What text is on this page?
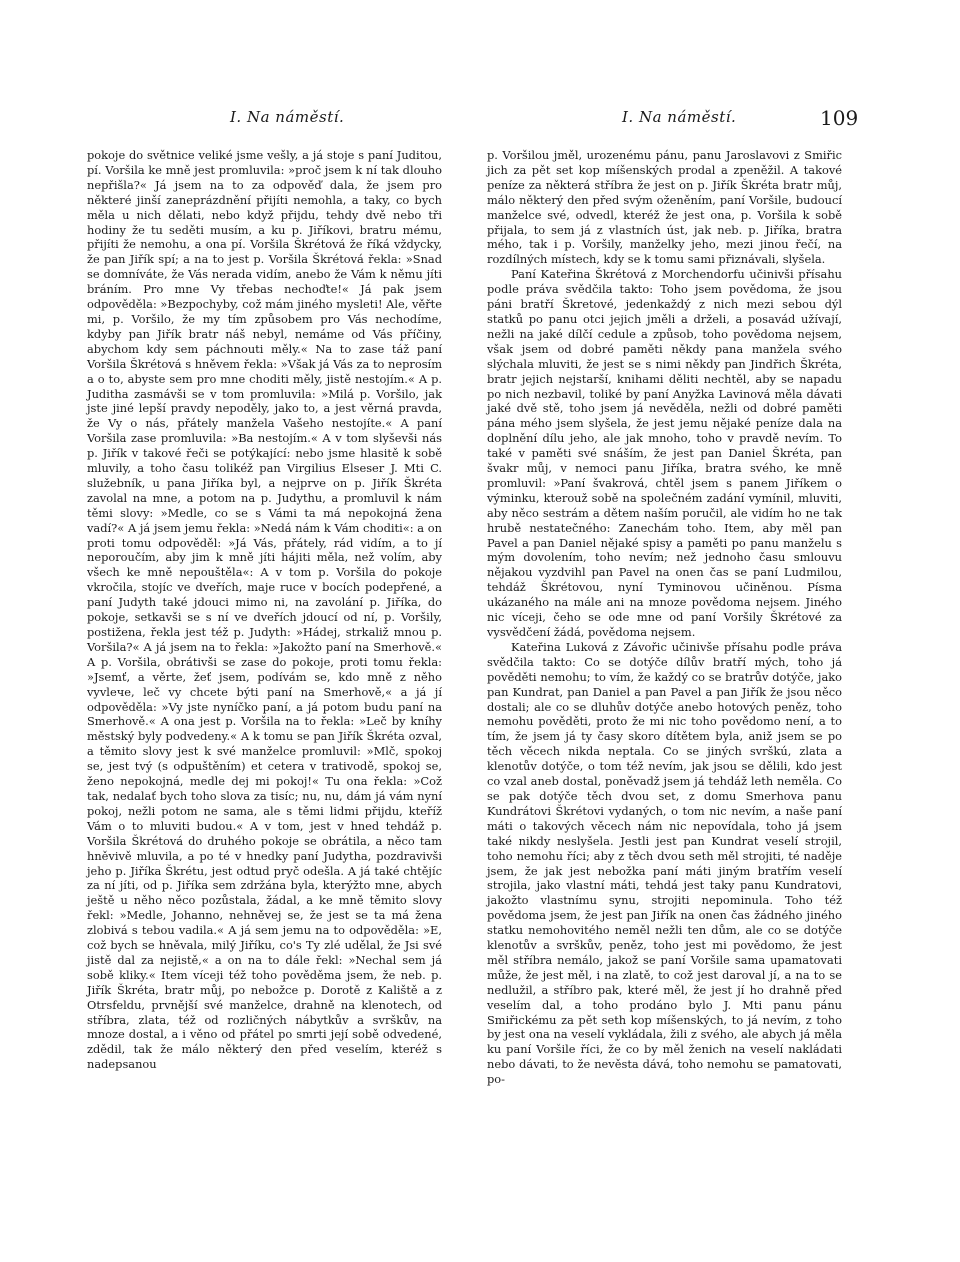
I. Na náměstí.	I. Na náměstí.	109

pokoje do světnice veliké jsme vešly, a já stoje s paní Juditou, pí. Voršila ke mně jest promluvila: »proč jsem k ní tak dlouho nepřišla?« Já jsem na to za odpověď dala, že jsem pro některé jinší zaneprázdnění přijíti nemohla, a taky, co bych měla u nich dělati, nebo když přijdu, tehdy dvě nebo tři hodiny že tu seděti musím, a ku p. Jiříkovi, bratru mému, přijíti že nemohu, a ona pí. Voršila Škrétová že říká vždycky, že pan Jiřík spí; a na to jest p. Voršila Škrétová řekla: »Snad se domníváte, že Vás nerada vidím, anebo že Vám k němu jíti bráním. Pro mne Vy třebas nechoďte!« Já pak jsem odpověděla: »Bezpochyby, což mám jiného mysleti! Ale, věřte mi, p. Voršilo, že my tím způsobem pro Vás nechodíme, kdyby pan Jiřík bratr náš nebyl, nemáme od Vás příčiny, abychom kdy sem páchnouti měly.« Na to zase táž paní Voršila Škrétová s hněvem řekla: »Však já Vás za to neprosím a o to, abyste sem pro mne choditi měly, jistě nestojím.« A p. Juditha zasmávši se v tom promluvila: »Milá p. Voršilo, jak jste jiné lepší pravdy nepoděly, jako to, a jest věrná pravda, že Vy o nás, přátely manžela Vašeho nestojíte.« A paní Voršila zase promluvila: »Ba nestojím.« A v tom slyševši nás p. Jiřík v takové řeči se potýkající: nebo jsme hlasitě k sobě mluvily, a toho času tolikéž pan Virgilius Elseser J. Mti C. služebník, u pana Jiříka byl, a nejprve on p. Jiřík Škréta zavolal na mne, a potom na p. Judythu, a promluvil k nám těmi slovy: »Medle, co se s Vámi ta má nepokojná žena vadí?« A já jsem jemu řekla: »Nedá nám k Vám choditi«: a on proti tomu odpověděl: »Já Vás, přátely, rád vidím, a to jí neporoučím, aby jim k mně jíti hájiti měla, než volím, aby všech ke mně nepouštěla«: A v tom p. Voršila do pokoje vkročila, stojíc ve dveřích, maje ruce v bocích podepřené, a paní Judyth také jdouci mimo ni, na zavolání p. Jiříka, do pokoje, setkavši se s ní ve dveřích jdoucí od ní, p. Voršily, postižena, řekla jest též p. Judyth: »Hádej, strkaliž mnou p. Voršila?« A já jsem na to řekla: »Jakožto paní na Smerhově.« A p. Voršila, obrátivši se zase do pokoje, proti tomu řekla: »Jsemť, a věrte, žeť jsem, podívám se, kdo mně z něho vyvlече, leč vy chcete býti paní na Smerhově,« a já jí odpověděla: »Vy jste nyníčko paní, a já potom budu paní na Smerhově.« A ona jest p. Voršila na to řekla: »Leč by kníhy městský byly podvedeny.« A k tomu se pan Jiřík Škréta ozval, a těmito slovy jest k své manželce promluvil: »Mlč, spokoj se, jest tvý (s odpuštěním) et cetera v trativodě, spokoj se, ženo nepokojná, medle dej mi pokoj!« Tu ona řekla: »Což tak, nedalať bych toho slova za tisíc; nu, nu, dám já vám nyní pokoj, nežli potom ne sama, ale s těmi lidmi přijdu, kteříž Vám o to mluviti budou.« A v tom, jest v hned tehdáž p. Voršila Škrétová do druhého pokoje se obrátila, a něco tam hněvivě mluvila, a po té v hnedky paní Judytha, pozdravivši jeho p. Jiříka Škrétu, jest odtud pryč odešla. A já také chtějíc za ní jíti, od p. Jiříka sem zdržána byla, kterýžto mne, abych ještě u něho něco pozůstala, žádal, a ke mně těmito slovy řekl: »Medle, Johanno, nehněvej se, že jest se ta má žena zlobivá s tebou vadila.« A já sem jemu na to odpověděla: »E, což bych se hněvala, milý Jiříku, co's Ty zlé udělal, že Jsi své jistě dal za nejistě,« a on na to dále řekl: »Nechal sem já sobě kliky.« Item víceji též toho pověděma jsem, že neb. p. Jiřík Škréta, bratr můj, po nebožce p. Dorotě z Kaliště a z Otrsfeldu, prvnější své manželce, drahně na klenotech, od stříbra, zlata, též od rozličných nábytkův a svrškův, na mnoze dostal, a i věno od přátel po smrti její sobě odvedené, zdědil, tak že málo některý den před veselím, kteréž s nadepsanou

p. Voršilou jměl, urozenému pánu, panu Jaroslavovi z Smiřic jich za pět set kop míšenských prodal a zpeněžil. A takové peníze za některá stříbra že jest on p. Jiřík Škréta bratr můj, málo některý den před svým oženěním, paní Voršile, budoucí manželce své, odvedl, kteréž že jest ona, p. Voršila k sobě přijala, to sem já z vlastních úst, jak neb. p. Jiříka, bratra mého, tak i p. Voršily, manželky jeho, mezi jinou řečí, na rozdílných místech, kdy se k tomu sami přiznávali, slyšela.

Paní Kateřina Škrétová z Morchendorfu učinivši přísahu podle práva svědčila takto: Toho jsem povědoma, že jsou páni bratří Škretové, jedenkaždý z nich mezi sebou dýl statků po panu otci jejich jměli a drželi, a posavád užívají, nežli na jaké dílčí cedule a způsob, toho povědoma nejsem, však jsem od dobré paměti někdy pana manžela svého slýchala mluviti, že jest se s nimi někdy pan Jindřich Škréta, bratr jejich nejstarší, knihami děliti nechtěl, aby se napadu po nich nezbavil, toliké by paní Anyžka Lavinová měla dávati jaké dvě stě, toho jsem já nevěděla, nežli od dobré paměti pána mého jsem slyšela, že jest jemu nějaké peníze dala na doplnění dílu jeho, ale jak mnoho, toho v pravdě nevím. To také v paměti své snáším, že jest pan Daniel Škréta, pan švakr můj, v nemoci panu Jiříka, bratra svého, ke mně promluvil: »Paní švakrová, chtěl jsem s panem Jiříkem o výminku, kterouž sobě na společném zadání vymínil, mluviti, aby něco sestrám a dětem naším poručil, ale vidím ho ne tak hrubě nestatečného: Zanechám toho. Item, aby měl pan Pavel a pan Daniel nějaké spisy a paměti po panu manželu s mým dovolením, toho nevím; než jednoho času smlouvu nějakou vyzdvihl pan Pavel na onen čas se paní Ludmilou, tehdáž Škrétovou, nyní Tyminovou učiněnou. Písma ukázaného na mále ani na mnoze povědoma nejsem. Jiného nic víceji, čeho se ode mne od paní Voršily Škrétové za vysvědčení žádá, povědoma nejsem.

Kateřina Luková z Závořic učinivše přísahu podle práva svědčila takto: Co se dotýče dílův bratří mých, toho já pověděti nemohu; to vím, že každý co se bratrův dotýče, jako pan Kundrat, pan Daniel a pan Pavel a pan Jiřík že jsou něco dostali; ale co se dluhův dotýče anebo hotových peněz, toho nemohu pověděti, proto že mi nic toho povědomo není, a to tím, že jsem já ty časy skoro dítětem byla, aniž jsem se po těch věcech nikda neptala. Co se jiných svrškú, zlata a klenotův dotýče, o tom též nevím, jak jsou se dělili, kdo jest co vzal aneb dostal, poněvadž jsem já tehdáž leth neměla. Co se pak dotýče těch dvou set, z domu Smerhova panu Kundrátovi Škrétovi vydaných, o tom nic nevím, a naše paní máti o takových věcech nám nic nepovídala, toho já jsem také nikdy neslyšela. Jestli jest pan Kundrat veselí strojil, toho nemohu říci; aby z těch dvou seth měl strojiti, té naděje jsem, že jak jest nebožka paní máti jiným bratřím veselí strojila, jako vlastní máti, tehdá jest taky panu Kundratovi, jakožto vlastnímu synu, strojiti nepominula. Toho též povědoma jsem, že jest pan Jiřík na onen čas žádného jiného statku nemohovitého neměl nežli ten dům, ale co se dotýče klenotův a svrškův, peněz, toho jest mi povědomo, že jest měl stříbra nemálo, jakož se paní Voršile sama upamatovati může, že jest měl, i na zlatě, to což jest daroval jí, a na to se nedlužil, a stříbro pak, které měl, že jest jí ho drahně před veselím dal, a toho prodáno bylo J. Mti panu pánu Smiřickému za pět seth kop míšenských, to já nevím, z toho by jest ona na veselí vykládala, žili z svého, ale abych já měla ku paní Voršile říci, že co by měl ženich na veselí nakládati nebo dávati, to že nevěsta dává, toho nemohu se pamatovati, po-
